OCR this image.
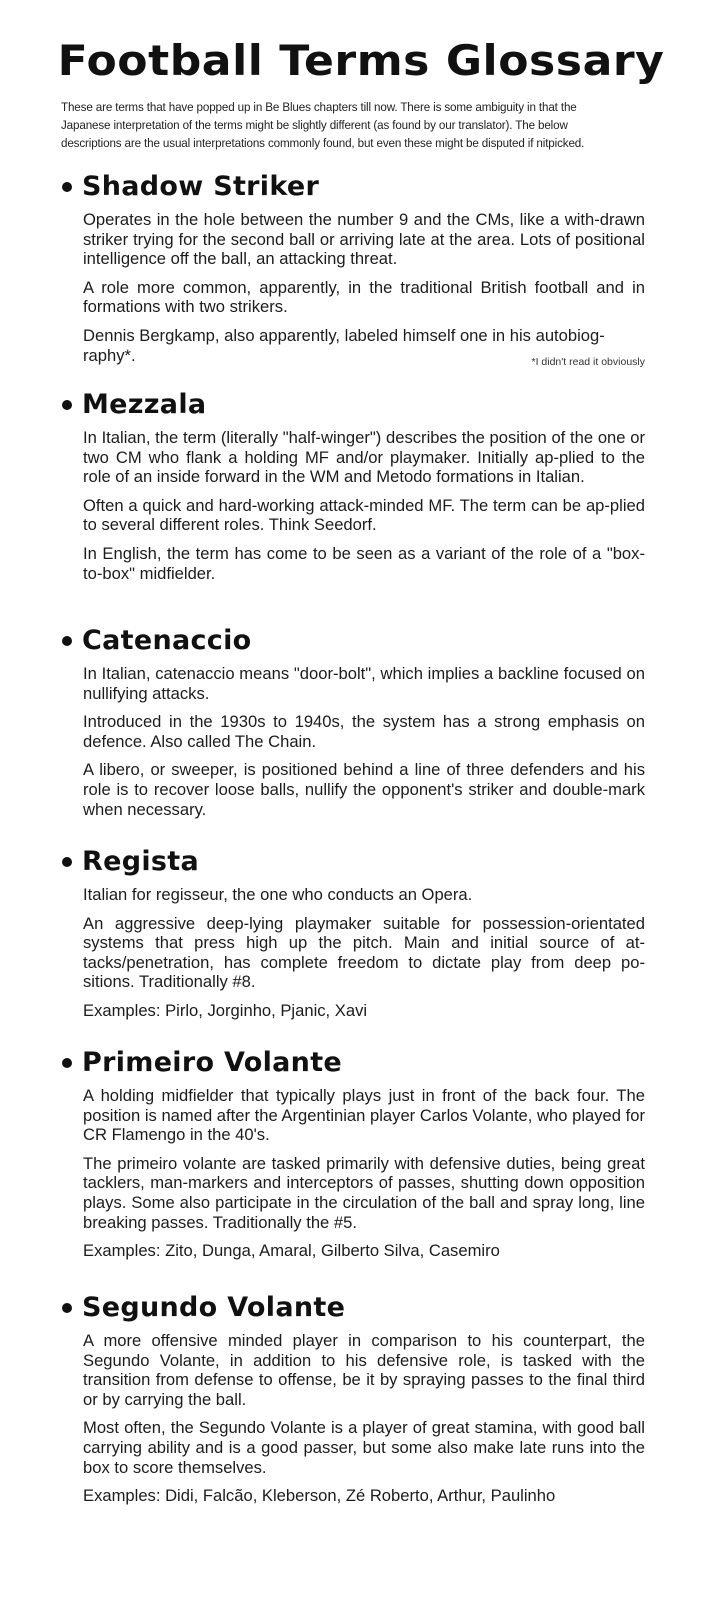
Football Terms Glossary

These are terms that have popped up in Be Blues chapters till now. There is some ambiguity in that the Japanese interpretation of the terms might be slightly different (as found by our translator). The below descriptions are the usual interpretations commonly found, but even these might be disputed if nitpicked.

Shadow Striker

Operates in the hole between the number 9 and the CMs, like a with-drawn striker trying for the second ball or arriving late at the area. Lots of positional intelligence off the ball, an attacking threat.

A role more common, apparently, in the traditional British football and in formations with two strikers.

Dennis Bergkamp, also apparently, labeled himself one in his autobiog-raphy*.	*I didn't read it obviously
Mezzala

In Italian, the term (literally "half-winger") describes the position of the one or two CM who flank a holding MF and/or playmaker. Initially ap-plied to the role of an inside forward in the WM and Metodo formations in Italian.

Often a quick and hard-working attack-minded MF. The term can be ap-plied to several different roles. Think Seedorf.

In English, the term has come to be seen as a variant of the role of a "box-to-box" midfielder.

Catenaccio

In Italian, catenaccio means "door-bolt", which implies a backline focused on nullifying attacks.

Introduced in the 1930s to 1940s, the system has a strong emphasis on defence. Also called The Chain.

A libero, or sweeper, is positioned behind a line of three defenders and his role is to recover loose balls, nullify the opponent's striker and double-mark when necessary.

Regista

Italian for regisseur, the one who conducts an Opera.

An aggressive deep-lying playmaker suitable for possession-orientated systems that press high up the pitch. Main and initial source of at-tacks/penetration, has complete freedom to dictate play from deep po-sitions. Traditionally #8.

Examples: Pirlo, Jorginho, Pjanic, Xavi

Primeiro Volante

A holding midfielder that typically plays just in front of the back four. The position is named after the Argentinian player Carlos Volante, who played for CR Flamengo in the 40's.

The primeiro volante are tasked primarily with defensive duties, being great tacklers, man-markers and interceptors of passes, shutting down opposition plays. Some also participate in the circulation of the ball and spray long, line breaking passes. Traditionally the #5.

Examples: Zito, Dunga, Amaral, Gilberto Silva, Casemiro

Segundo Volante

A more offensive minded player in comparison to his counterpart, the Segundo Volante, in addition to his defensive role, is tasked with the transition from defense to offense, be it by spraying passes to the final third or by carrying the ball.

Most often, the Segundo Volante is a player of great stamina, with good ball carrying ability and is a good passer, but some also make late runs into the box to score themselves.

Examples: Didi, Falcão, Kleberson, Zé Roberto, Arthur, Paulinho
